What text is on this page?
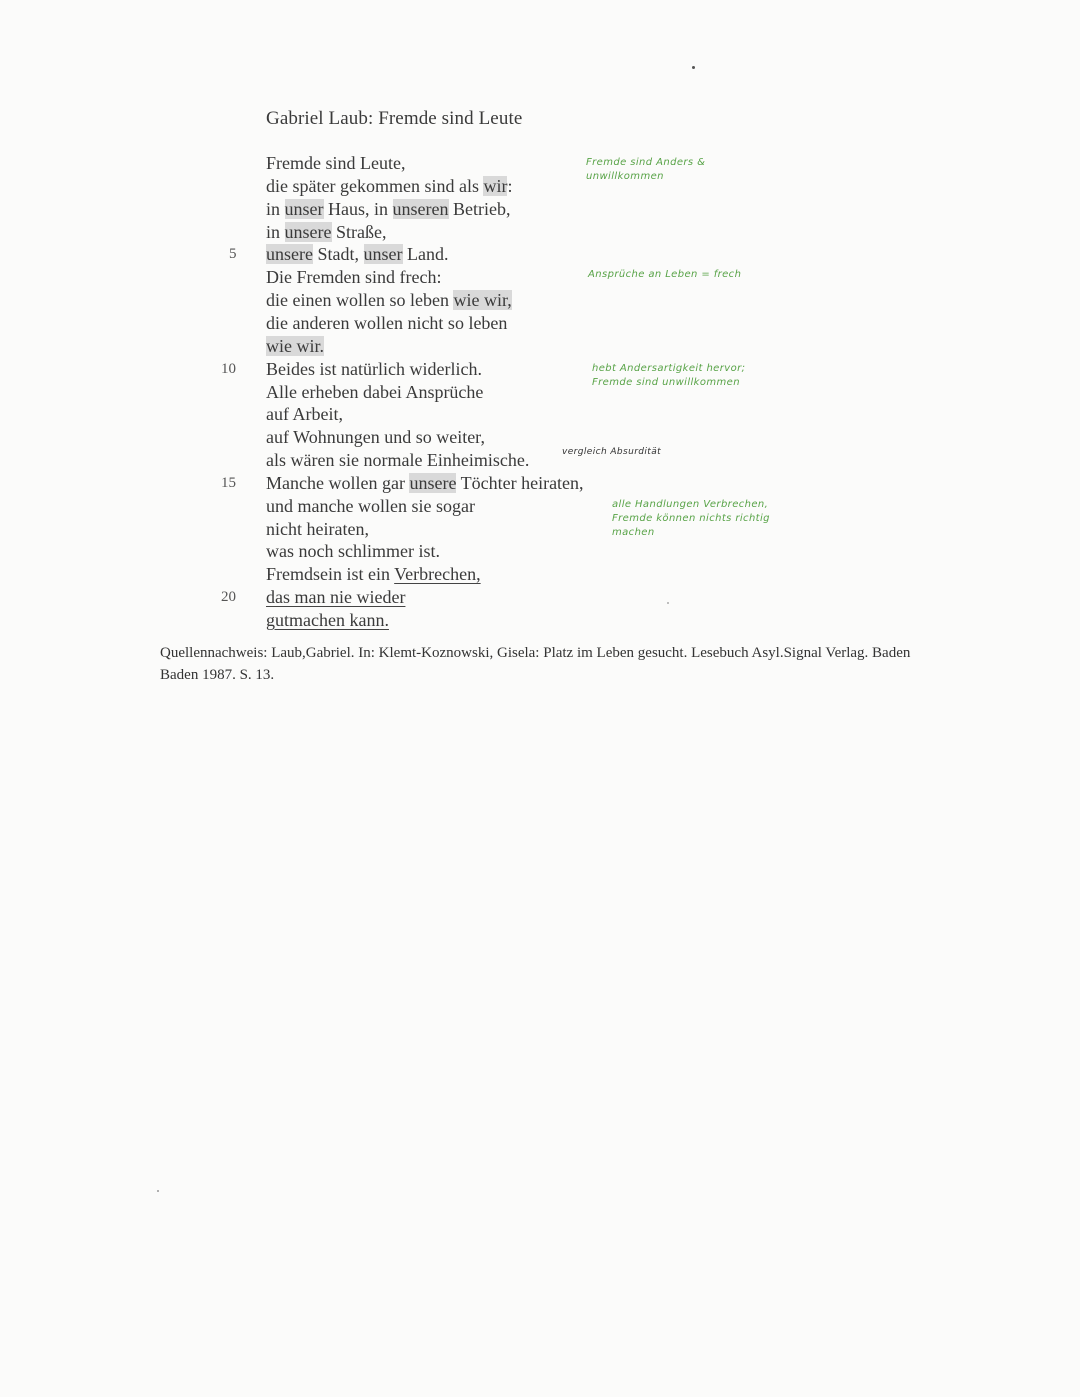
Gabriel Laub: Fremde sind Leute
Fremde sind Leute,
die später gekommen sind als wir:
in unser Haus, in unseren Betrieb,
in unsere Straße,
unsere Stadt, unser Land.
Die Fremden sind frech:
die einen wollen so leben wie wir,
die anderen wollen nicht so leben
wie wir.
Beides ist natürlich widerlich.
Alle erheben dabei Ansprüche
auf Arbeit,
auf Wohnungen und so weiter,
als wären sie normale Einheimische.
Manche wollen gar unsere Töchter heiraten,
und manche wollen sie sogar
nicht heiraten,
was noch schlimmer ist.
Fremdsein ist ein Verbrechen,
das man nie wieder
gutmachen kann.
5
10
15
20
Fremde sind Anders &
unwillkommen
Ansprüche an Leben = frech
hebt Andersartigkeit hervor;
Fremde sind unwillkommen
vergleich Absurdität
alle Handlungen Verbrechen,
Fremde können nichts richtig
machen
Quellennachweis: Laub,Gabriel. In: Klemt-Koznowski, Gisela: Platz im Leben gesucht. Lesebuch Asyl.Signal Verlag. Baden Baden 1987. S. 13.
